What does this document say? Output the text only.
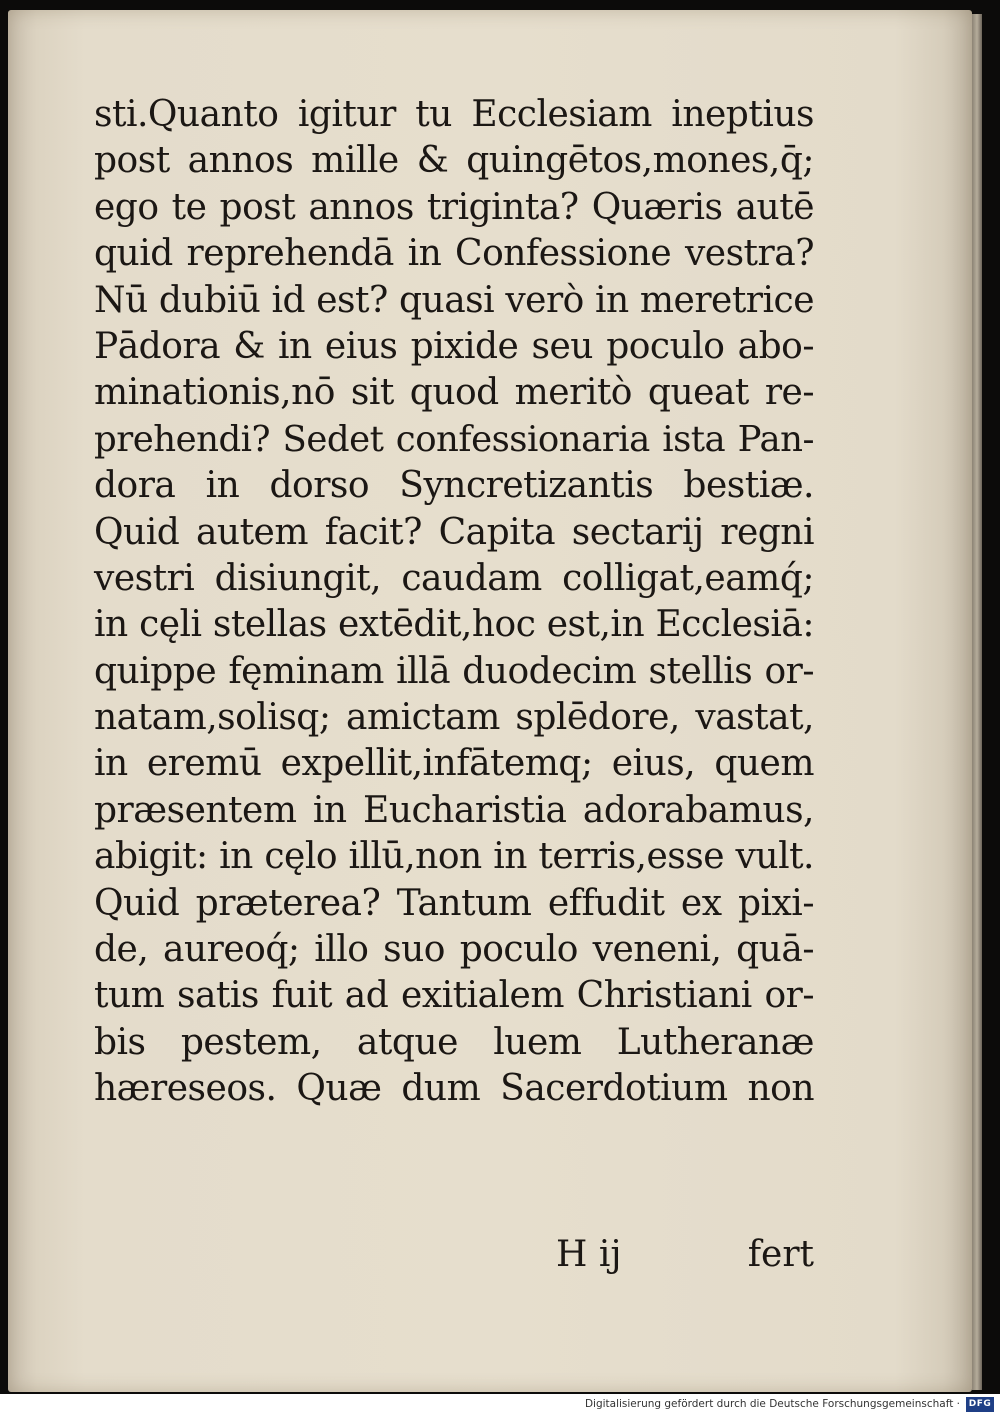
sti.Quanto igitur tu Ecclesiam ineptius
post annos mille & quingētos,mones,q̄;
ego te post annos triginta? Quæris autē
quid reprehendā in Confessione vestra?
Nū dubiū id est? quasi verò in meretrice
Pādora & in eius pixide seu poculo abo-
minationis,nō sit quod meritò queat re-
prehendi? Sedet confessionaria ista Pan-
dora in dorso Syncretizantis bestiæ.
Quid autem facit? Capita sectarij regni
vestri disiungit, caudam colligat,eamq́;
in cęli stellas extēdit,hoc est,in Ecclesiā:
quippe fęminam illā duodecim stellis or-
natam,solisq; amictam splēdore, vastat,
in eremū expellit,infātemq; eius, quem
præsentem in Eucharistia adorabamus,
abigit: in cęlo illū,non in terris,esse vult.
Quid præterea? Tantum effudit ex pixi-
de, aureoq́; illo suo poculo veneni, quā-
tum satis fuit ad exitialem Christiani or-
bis pestem, atque luem Lutheranæ
hæreseos. Quæ dum Sacerdotium non
H ij	fert
Digitalisierung gefördert durch die Deutsche Forschungsgemeinschaft · DFG
